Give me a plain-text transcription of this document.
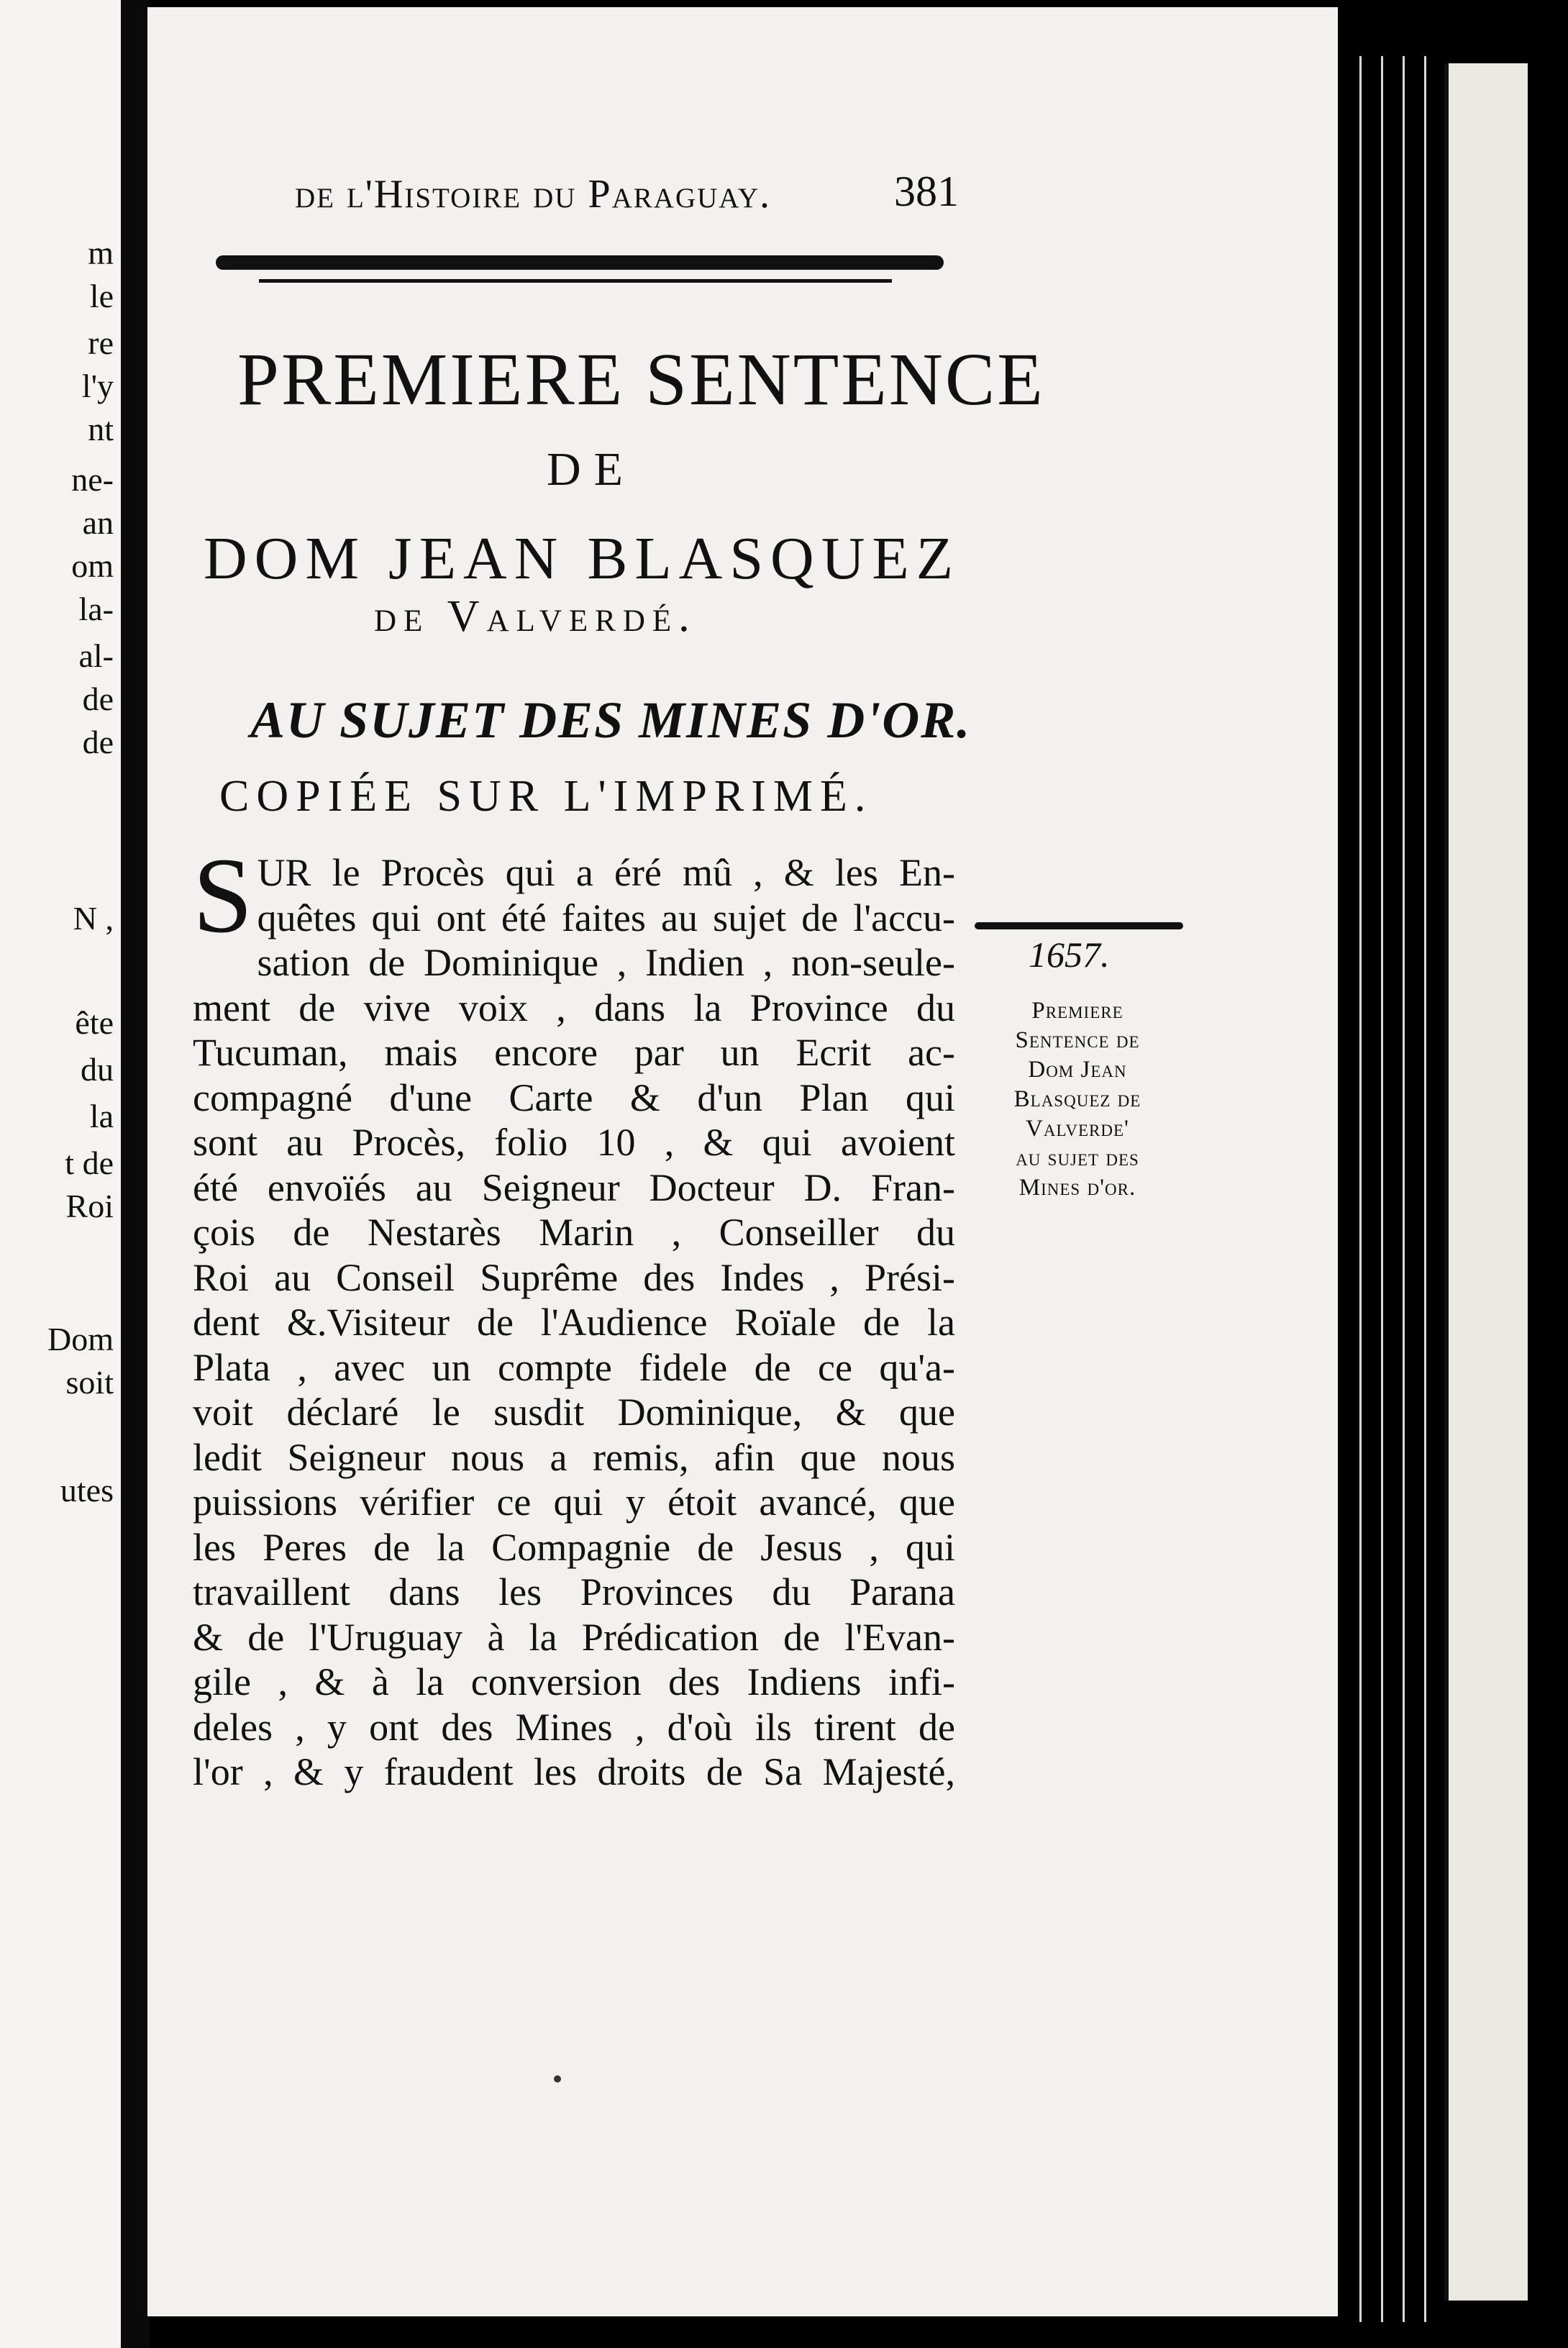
m
le
re
l'y
nt
ne-
an
om
la-
al-
de
de
N ,
ête
du
la
t de
Roi
Dom
soit
utes
de l'Histoire du Paraguay.	381
PREMIERE SENTENCE
DE
DOM JEAN BLASQUEZ
de Valverdé.
AU SUJET DES MINES D'OR.
COPIÉE SUR L'IMPRIMÉ.
1657.
Premiere
Sentence de
Dom Jean
Blasquez de
Valverde'
au sujet des
Mines d'or.
S UR le Procès qui a éré mû , & les En-
quêtes qui ont été faites au sujet de l'accu-
sation de Dominique , Indien , non-seule-
ment de vive voix , dans la Province du
Tucuman, mais encore par un Ecrit ac-
compagné d'une Carte & d'un Plan qui
sont au Procès, folio 10 , & qui avoient
été envoïés au Seigneur Docteur D. Fran-
çois de Nestarès Marin , Conseiller du
Roi au Conseil Suprême des Indes , Prési-
dent &.Visiteur de l'Audience Roïale de la
Plata , avec un compte fidele de ce qu'a-
voit déclaré le susdit Dominique, & que
ledit Seigneur nous a remis, afin que nous
puissions vérifier ce qui y étoit avancé, que
les Peres de la Compagnie de Jesus , qui
travaillent dans les Provinces du Parana
& de l'Uruguay à la Prédication de l'Evan-
gile , & à la conversion des Indiens infi-
deles , y ont des Mines , d'où ils tirent de
l'or , & y fraudent les droits de Sa Majesté,
